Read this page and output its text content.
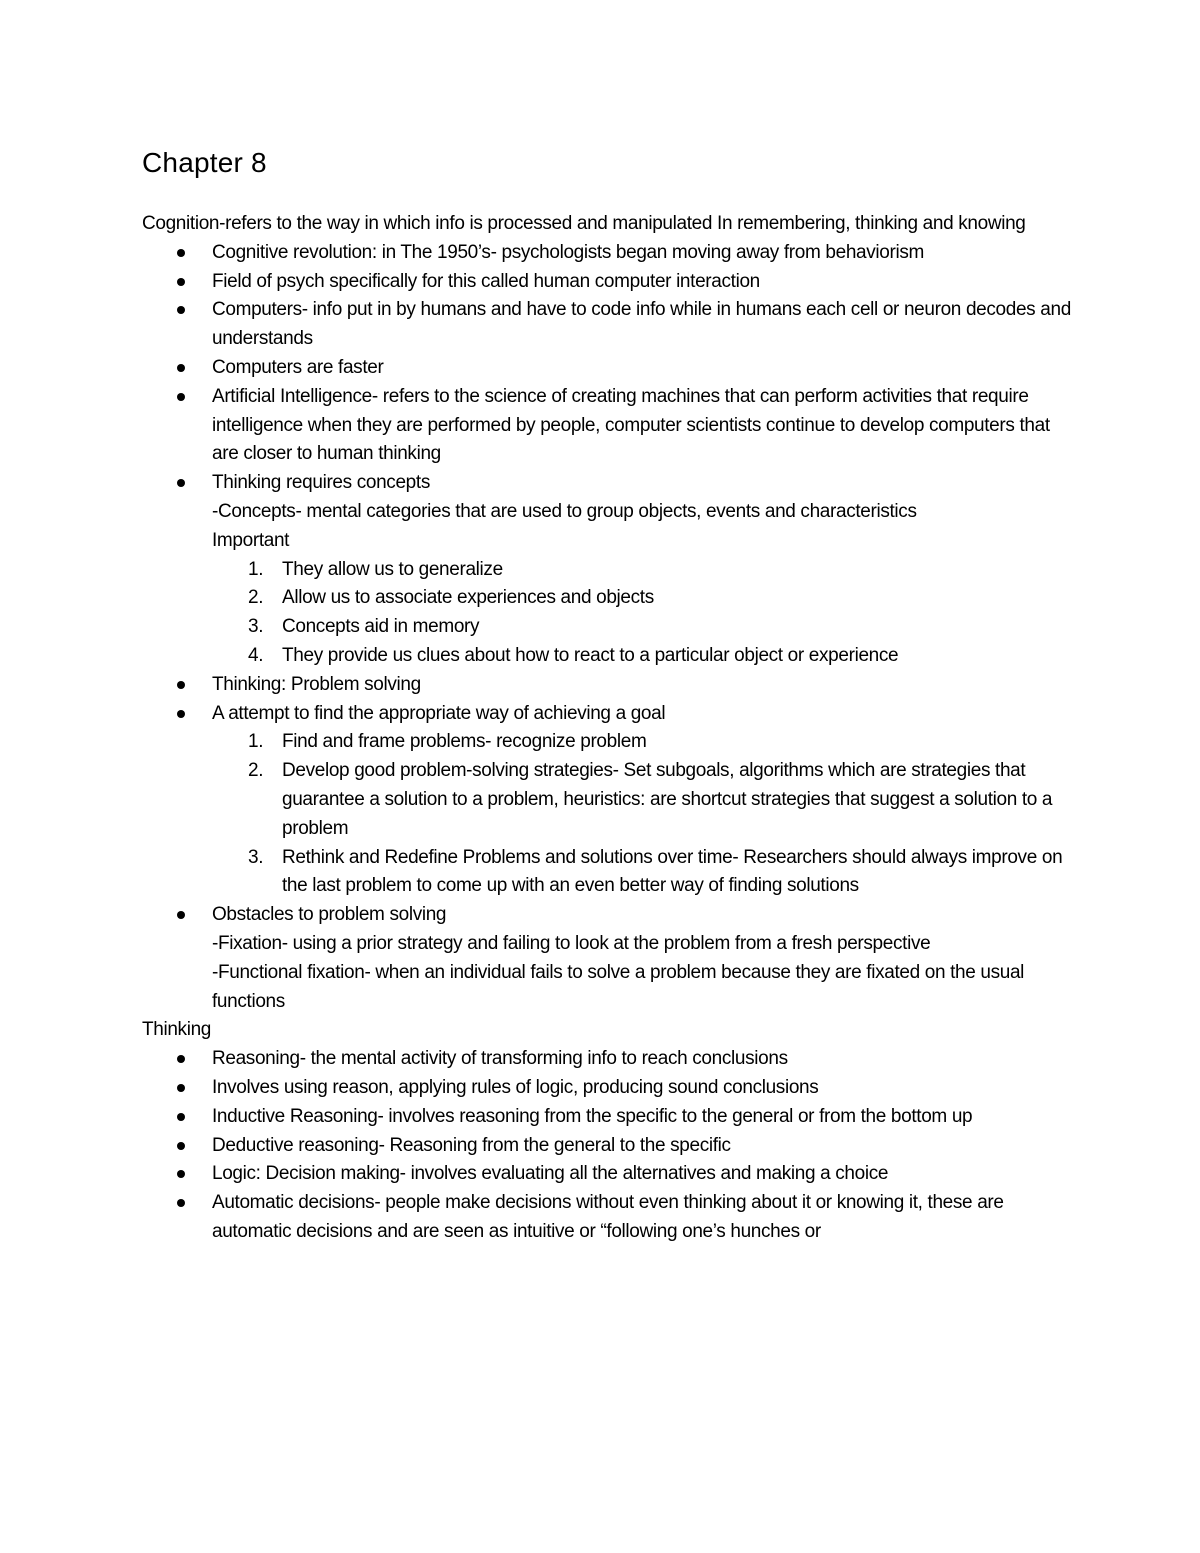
Chapter 8

Cognition-refers to the way in which info is processed and manipulated In remembering, thinking and knowing

Cognitive revolution: in The 1950’s- psychologists began moving away from behaviorism
Field of psych specifically for this called human computer interaction
Computers- info put in by humans and have to code info while in humans each cell or neuron decodes and understands
Computers are faster
Artificial Intelligence- refers to the science of creating machines that can perform activities that require intelligence when they are performed by people, computer scientists continue to develop computers that are closer to human thinking
Thinking requires concepts
-Concepts- mental categories that are used to group objects, events and characteristics
Important
1. They allow us to generalize
2. Allow us to associate experiences and objects
3. Concepts aid in memory
4. They provide us clues about how to react to a particular object or experience
Thinking: Problem solving
A attempt to find the appropriate way of achieving a goal
1. Find and frame problems- recognize problem
2. Develop good problem-solving strategies- Set subgoals, algorithms which are strategies that guarantee a solution to a problem, heuristics: are shortcut strategies that suggest a solution to a problem
3. Rethink and Redefine Problems and solutions over time- Researchers should always improve on the last problem to come up with an even better way of finding solutions
Obstacles to problem solving
-Fixation- using a prior strategy and failing to look at the problem from a fresh perspective
-Functional fixation- when an individual fails to solve a problem because they are fixated on the usual functions

Thinking

Reasoning- the mental activity of transforming info to reach conclusions
Involves using reason, applying rules of logic, producing sound conclusions
Inductive Reasoning- involves reasoning from the specific to the general or from the bottom up
Deductive reasoning- Reasoning from the general to the specific
Logic: Decision making- involves evaluating all the alternatives and making a choice
Automatic decisions- people make decisions without even thinking about it or knowing it, these are automatic decisions and are seen as intuitive or “following one’s hunches or
